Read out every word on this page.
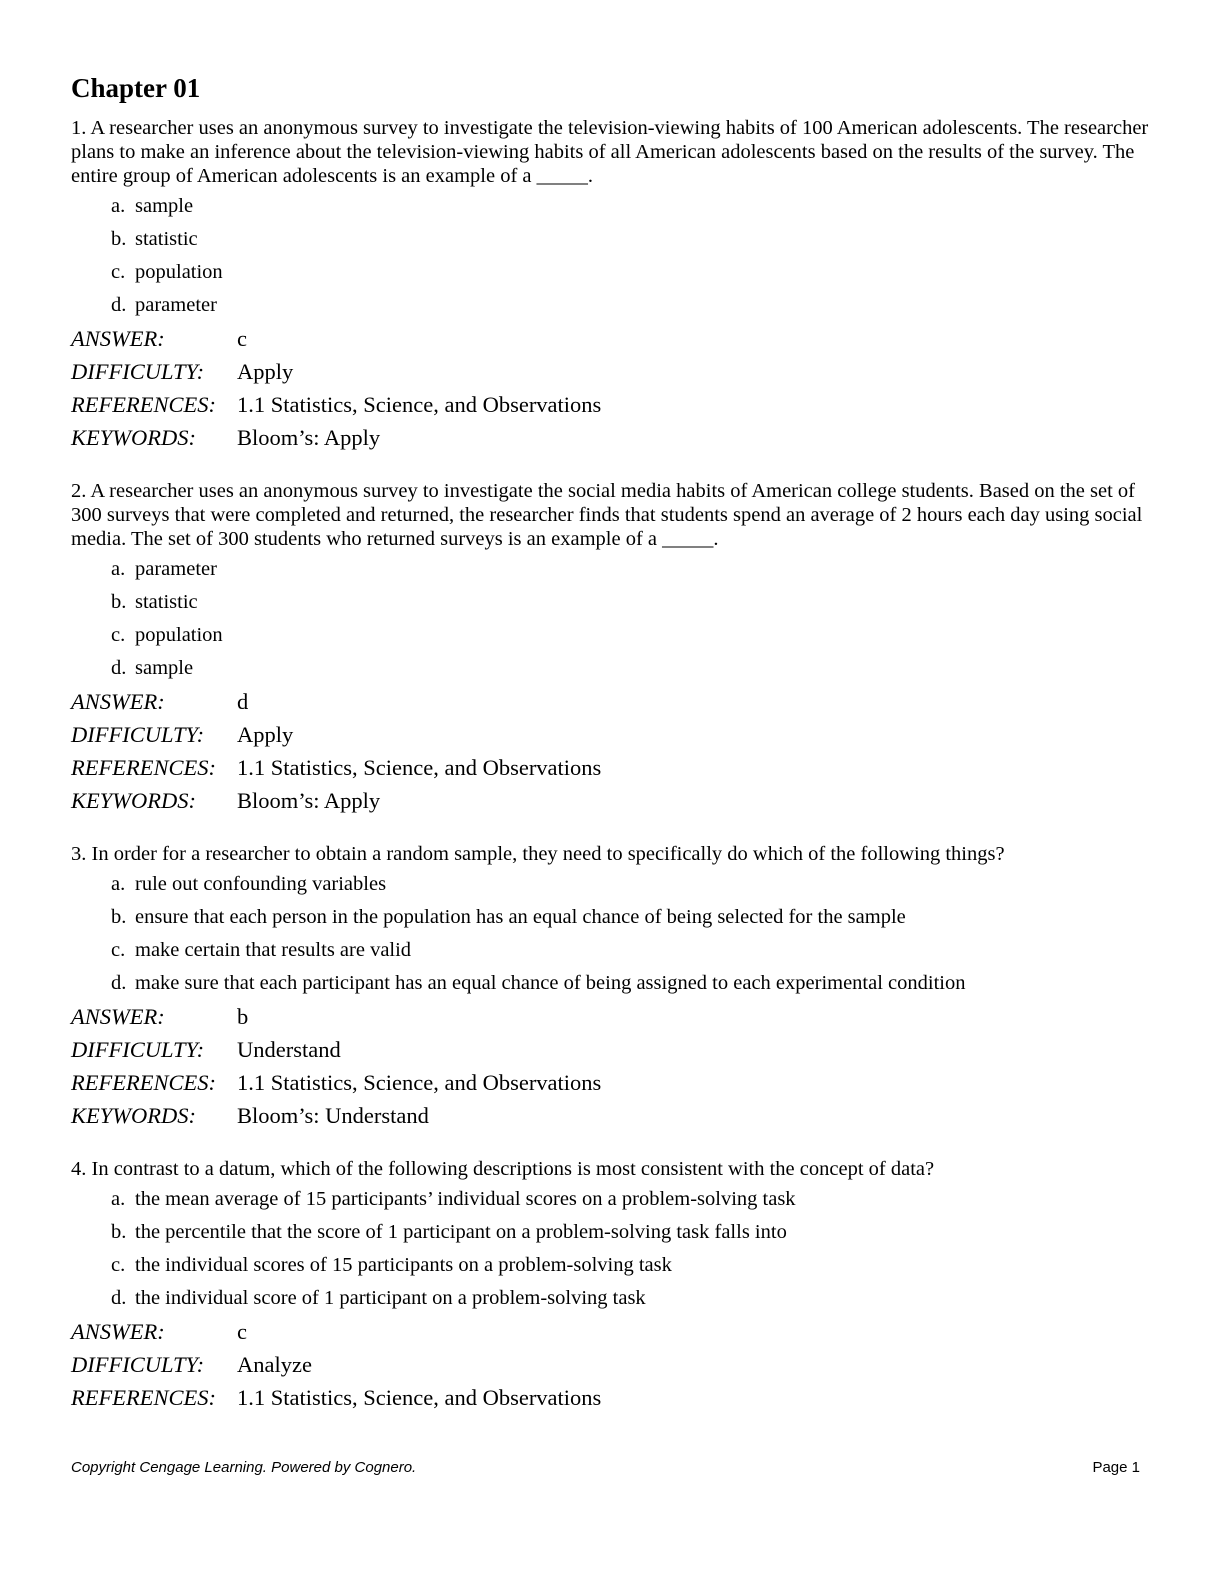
Chapter 01

1. A researcher uses an anonymous survey to investigate the television-viewing habits of 100 American adolescents. The researcher plans to make an inference about the television-viewing habits of all American adolescents based on the results of the survey. The entire group of American adolescents is an example of a _____.

a. sample
b. statistic
c. population
d. parameter
ANSWER:	c
DIFFICULTY:	Apply
REFERENCES: 1.1 Statistics, Science, and Observations
KEYWORDS:	Bloom’s: Apply

2. A researcher uses an anonymous survey to investigate the social media habits of American college students. Based on the set of 300 surveys that were completed and returned, the researcher finds that students spend an average of 2 hours each day using social media. The set of 300 students who returned surveys is an example of a _____.

a. parameter
b. statistic
c. population
d. sample
ANSWER:	d
DIFFICULTY:	Apply
REFERENCES: 1.1 Statistics, Science, and Observations
KEYWORDS:	Bloom’s: Apply

3. In order for a researcher to obtain a random sample, they need to specifically do which of the following things?

a. rule out confounding variables
b. ensure that each person in the population has an equal chance of being selected for the sample
c. make certain that results are valid
d. make sure that each participant has an equal chance of being assigned to each experimental condition
ANSWER:	b
DIFFICULTY:	Understand
REFERENCES: 1.1 Statistics, Science, and Observations
KEYWORDS:	Bloom’s: Understand

4. In contrast to a datum, which of the following descriptions is most consistent with the concept of data?

a. the mean average of 15 participants’ individual scores on a problem-solving task
b. the percentile that the score of 1 participant on a problem-solving task falls into
c. the individual scores of 15 participants on a problem-solving task
d. the individual score of 1 participant on a problem-solving task
ANSWER:	c
DIFFICULTY:	Analyze
REFERENCES: 1.1 Statistics, Science, and Observations
Copyright Cengage Learning. Powered by Cognero.	Page 1
